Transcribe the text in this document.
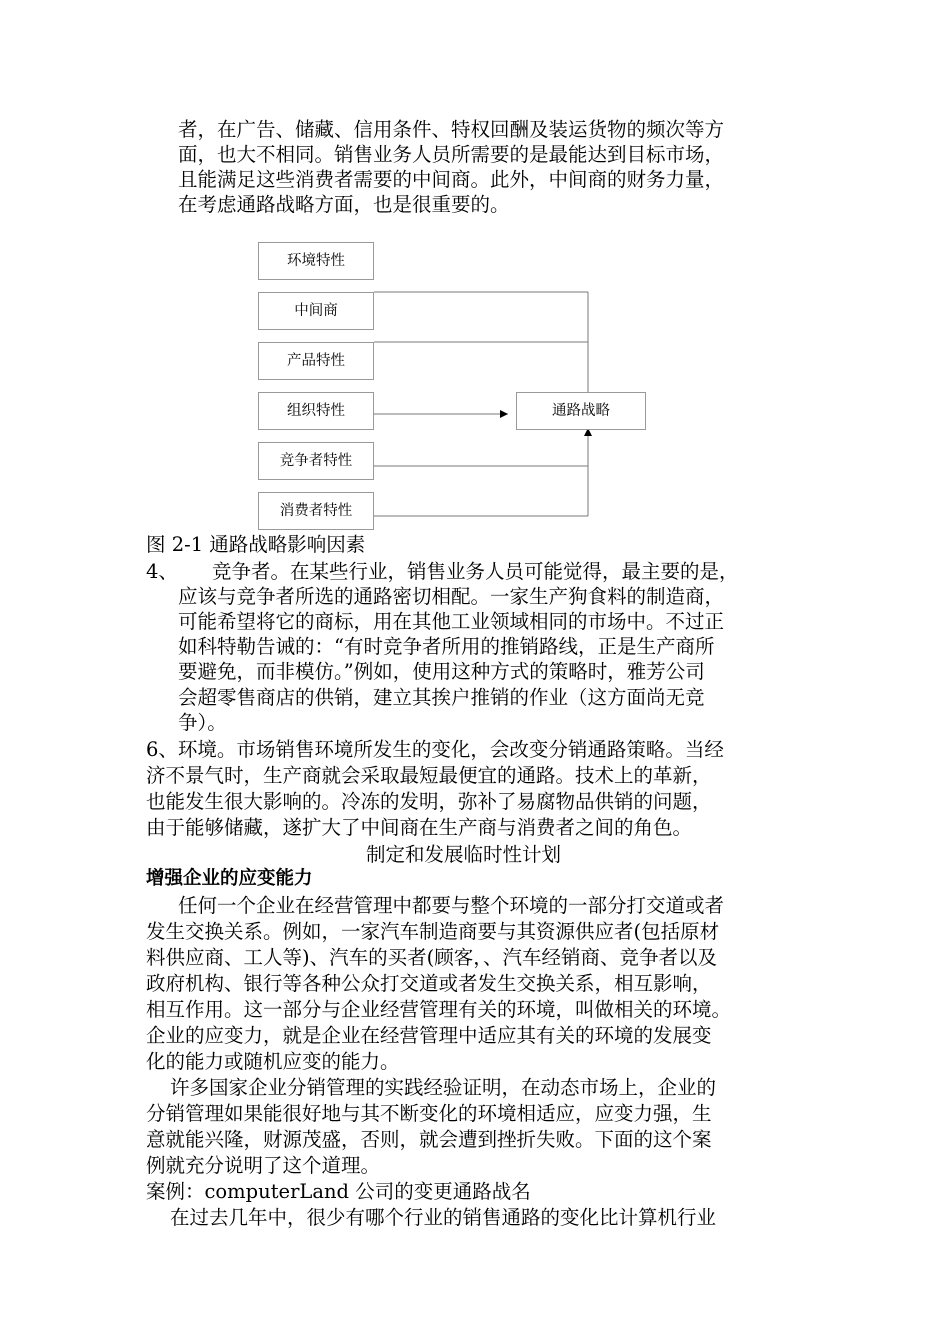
者，在广告、储藏、信用条件、特权回酬及装运货物的频次等方
面，也大不相同。销售业务人员所需要的是最能达到目标市场，
且能满足这些消费者需要的中间商。此外，中间商的财务力量，
在考虑通路战略方面，也是很重要的。
环境特性
中间商
产品特性
组织特性
竞争者特性
消费者特性
通路战略
图 2-1 通路战略影响因素
4、 竞争者。在某些行业，销售业务人员可能觉得，最主要的是，
应该与竞争者所选的通路密切相配。一家生产狗食料的制造商，
可能希望将它的商标，用在其他工业领域相同的市场中。不过正
如科特勒告诫的：“有时竞争者所用的推销路线，正是生产商所
要避免，而非模仿。”例如，使用这种方式的策略时，雅芳公司
会超零售商店的供销，建立其挨户推销的作业（这方面尚无竞
争）。
6、环境。市场销售环境所发生的变化，会改变分销通路策略。当经
济不景气时，生产商就会采取最短最便宜的通路。技术上的革新，
也能发生很大影响的。冷冻的发明，弥补了易腐物品供销的问题，
由于能够储藏，遂扩大了中间商在生产商与消费者之间的角色。
制定和发展临时性计划
增强企业的应变能力
任何一个企业在经营管理中都要与整个环境的一部分打交道或者
发生交换关系。例如，一家汽车制造商要与其资源供应者(包括原材
料供应商、工人等)、汽车的买者(顾客，、汽车经销商、竞争者以及
政府机构、银行等各种公众打交道或者发生交换关系，相互影响，
相互作用。这一部分与企业经营管理有关的环境，叫做相关的环境。
企业的应变力，就是企业在经营管理中适应其有关的环境的发展变
化的能力或随机应变的能力。
许多国家企业分销管理的实践经验证明，在动态市场上，企业的
分销管理如果能很好地与其不断变化的环境相适应，应变力强，生
意就能兴隆，财源茂盛，否则，就会遭到挫折失败。下面的这个案
例就充分说明了这个道理。
案例：computerLand 公司的变更通路战名
在过去几年中，很少有哪个行业的销售通路的变化比计算机行业
